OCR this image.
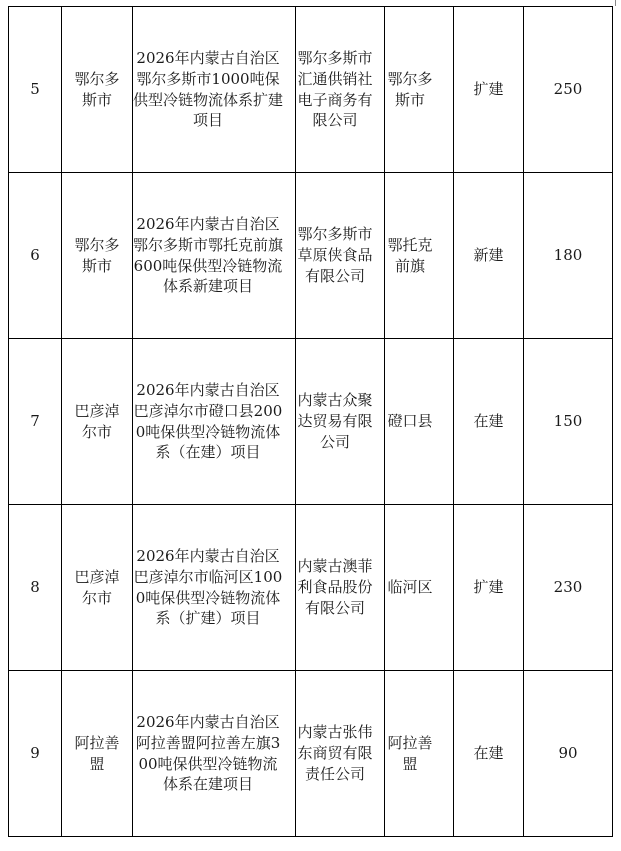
5	鄂尔多斯市	2026年内蒙古自治区鄂尔多斯市1000吨保供型冷链物流体系扩建项目	鄂尔多斯市汇通供销社电子商务有限公司	鄂尔多斯市	扩建	250
6	鄂尔多斯市	2026年内蒙古自治区鄂尔多斯市鄂托克前旗600吨保供型冷链物流体系新建项目	鄂尔多斯市草原侠食品有限公司	鄂托克前旗	新建	180
7	巴彦淖尔市	2026年内蒙古自治区巴彦淖尔市磴口县2000吨保供型冷链物流体系（在建）项目	内蒙古众聚达贸易有限公司	磴口县	在建	150
8	巴彦淖尔市	2026年内蒙古自治区巴彦淖尔市临河区1000吨保供型冷链物流体系（扩建）项目	内蒙古澳菲利食品股份有限公司	临河区	扩建	230
9	阿拉善盟	2026年内蒙古自治区阿拉善盟阿拉善左旗300吨保供型冷链物流体系在建项目	内蒙古张伟东商贸有限责任公司	阿拉善盟	在建	90
